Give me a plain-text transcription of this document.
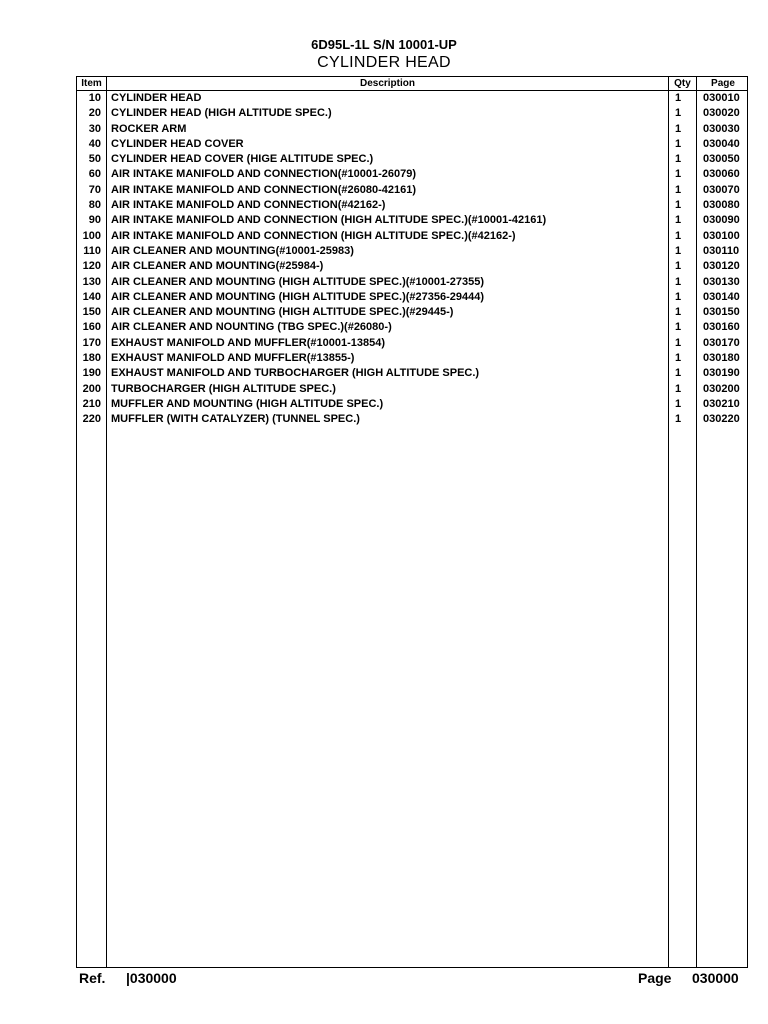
6D95L-1L S/N 10001-UP
CYLINDER HEAD
Item	Description	Qty	Page
10 CYLINDER HEAD	1 030010
20 CYLINDER HEAD (HIGH ALTITUDE SPEC.)	1 030020
30 ROCKER ARM	1 030030
40 CYLINDER HEAD COVER	1 030040
50 CYLINDER HEAD COVER (HIGE ALTITUDE SPEC.)	1 030050
60 AIR INTAKE MANIFOLD AND CONNECTION(#10001-26079)	1 030060
70 AIR INTAKE MANIFOLD AND CONNECTION(#26080-42161)	1 030070
80 AIR INTAKE MANIFOLD AND CONNECTION(#42162-)	1 030080
90 AIR INTAKE MANIFOLD AND CONNECTION (HIGH ALTITUDE SPEC.)(#10001-42161)	1 030090
100 AIR INTAKE MANIFOLD AND CONNECTION (HIGH ALTITUDE SPEC.)(#42162-)	1 030100
110 AIR CLEANER AND MOUNTING(#10001-25983)	1 030110
120 AIR CLEANER AND MOUNTING(#25984-)	1 030120
130 AIR CLEANER AND MOUNTING (HIGH ALTITUDE SPEC.)(#10001-27355)	1 030130
140 AIR CLEANER AND MOUNTING (HIGH ALTITUDE SPEC.)(#27356-29444)	1 030140
150 AIR CLEANER AND MOUNTING (HIGH ALTITUDE SPEC.)(#29445-)	1 030150
160 AIR CLEANER AND NOUNTING (TBG SPEC.)(#26080-)	1 030160
170 EXHAUST MANIFOLD AND MUFFLER(#10001-13854)	1 030170
180 EXHAUST MANIFOLD AND MUFFLER(#13855-)	1 030180
190 EXHAUST MANIFOLD AND TURBOCHARGER (HIGH ALTITUDE SPEC.)	1 030190
200 TURBOCHARGER (HIGH ALTITUDE SPEC.)	1 030200
210 MUFFLER AND MOUNTING (HIGH ALTITUDE SPEC.)	1 030210
220 MUFFLER (WITH CATALYZER) (TUNNEL SPEC.)	1 030220
Ref. |030000	Page 030000
